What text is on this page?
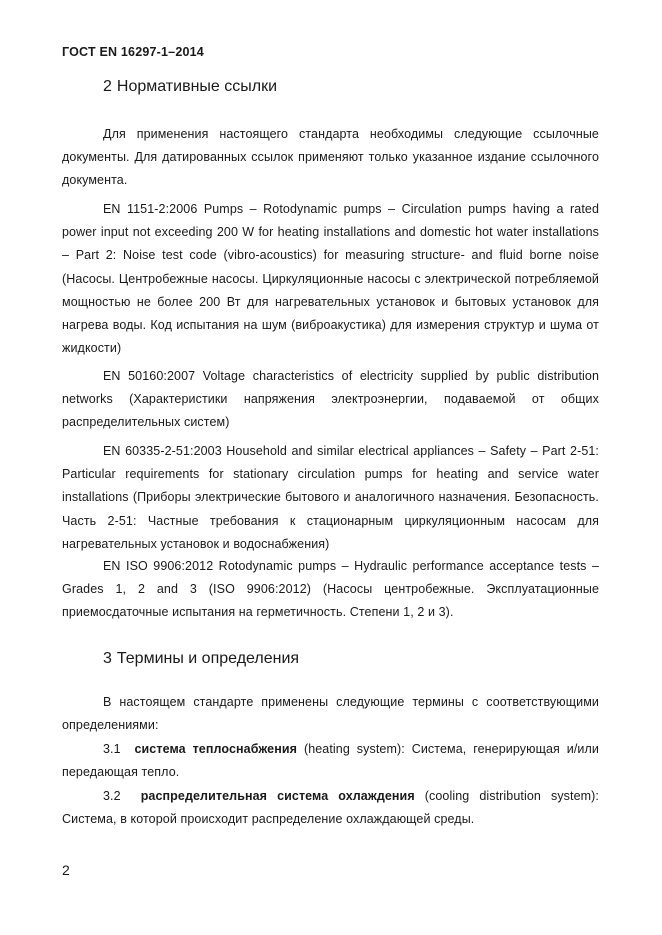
ГОСТ EN 16297-1–2014
2 Нормативные ссылки

Для применения настоящего стандарта необходимы следующие ссылочные документы. Для датированных ссылок применяют только указанное издание ссылочного документа.

EN 1151-2:2006 Pumps – Rotodynamic pumps – Circulation pumps having a rated power input not exceeding 200 W for heating installations and domestic hot water installations – Part 2: Noise test code (vibro-acoustics) for measuring structure- and fluid borne noise (Насосы. Центробежные насосы. Циркуляционные насосы с электрической потребляемой мощностью не более 200 Вт для нагревательных установок и бытовых установок для нагрева воды. Код испытания на шум (виброакустика) для измерения структур и шума от жидкости)

EN 50160:2007 Voltage characteristics of electricity supplied by public distribution networks (Характеристики напряжения электроэнергии, подаваемой от общих распределительных систем)

EN 60335-2-51:2003 Household and similar electrical appliances – Safety – Part 2-51: Particular requirements for stationary circulation pumps for heating and service water installations (Приборы электрические бытового и аналогичного назначения. Безопасность. Часть 2-51: Частные требования к стационарным циркуляционным насосам для нагревательных установок и водоснабжения)

EN ISO 9906:2012 Rotodynamic pumps – Hydraulic performance acceptance tests – Grades 1, 2 and 3 (ISO 9906:2012) (Насосы центробежные. Эксплуатационные приемосдаточные испытания на герметичность. Степени 1, 2 и 3).

3 Термины и определения

В настоящем стандарте применены следующие термины с соответствующими определениями:

3.1 система теплоснабжения (heating system): Система, генерирующая и/или передающая тепло.

3.2 распределительная система охлаждения (cooling distribution system): Система, в которой происходит распределение охлаждающей среды.

2
